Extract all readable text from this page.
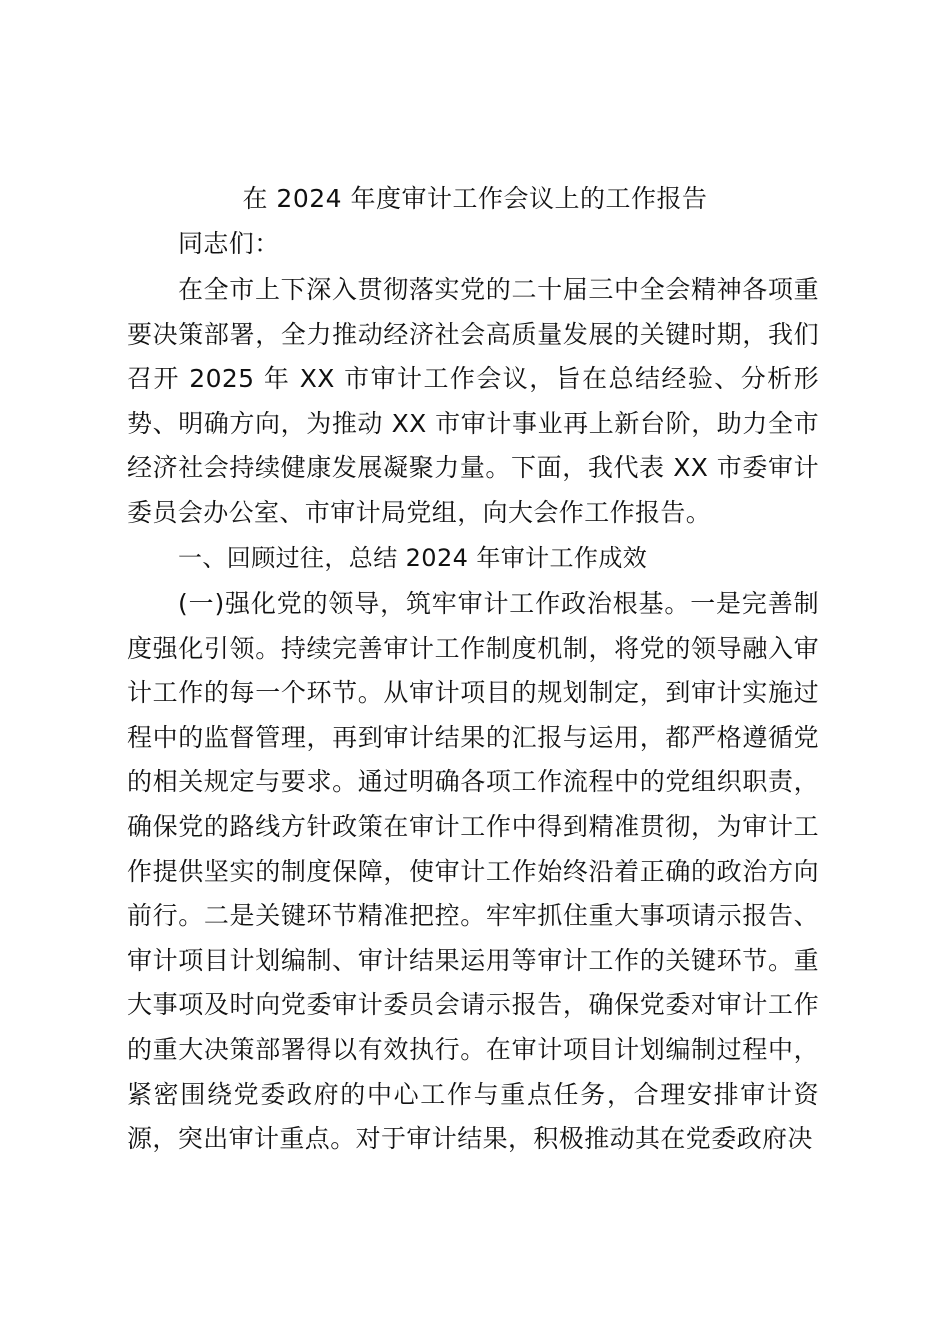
在 2024 年度审计工作会议上的工作报告
同志们：
在全市上下深入贯彻落实党的二十届三中全会精神各项重要决策部署，全力推动经济社会高质量发展的关键时期，我们召开 2025 年 XX 市审计工作会议，旨在总结经验、分析形势、明确方向，为推动 XX 市审计事业再上新台阶，助力全市经济社会持续健康发展凝聚力量。下面，我代表 XX 市委审计委员会办公室、市审计局党组，向大会作工作报告。
一、回顾过往，总结 2024 年审计工作成效
(一)强化党的领导，筑牢审计工作政治根基。一是完善制度强化引领。持续完善审计工作制度机制，将党的领导融入审计工作的每一个环节。从审计项目的规划制定，到审计实施过程中的监督管理，再到审计结果的汇报与运用，都严格遵循党的相关规定与要求。通过明确各项工作流程中的党组织职责，确保党的路线方针政策在审计工作中得到精准贯彻，为审计工作提供坚实的制度保障，使审计工作始终沿着正确的政治方向前行。二是关键环节精准把控。牢牢抓住重大事项请示报告、审计项目计划编制、审计结果运用等审计工作的关键环节。重大事项及时向党委审计委员会请示报告，确保党委对审计工作的重大决策部署得以有效执行。在审计项目计划编制过程中，紧密围绕党委政府的中心工作与重点任务，合理安排审计资源，突出审计重点。对于审计结果，积极推动其在党委政府决
